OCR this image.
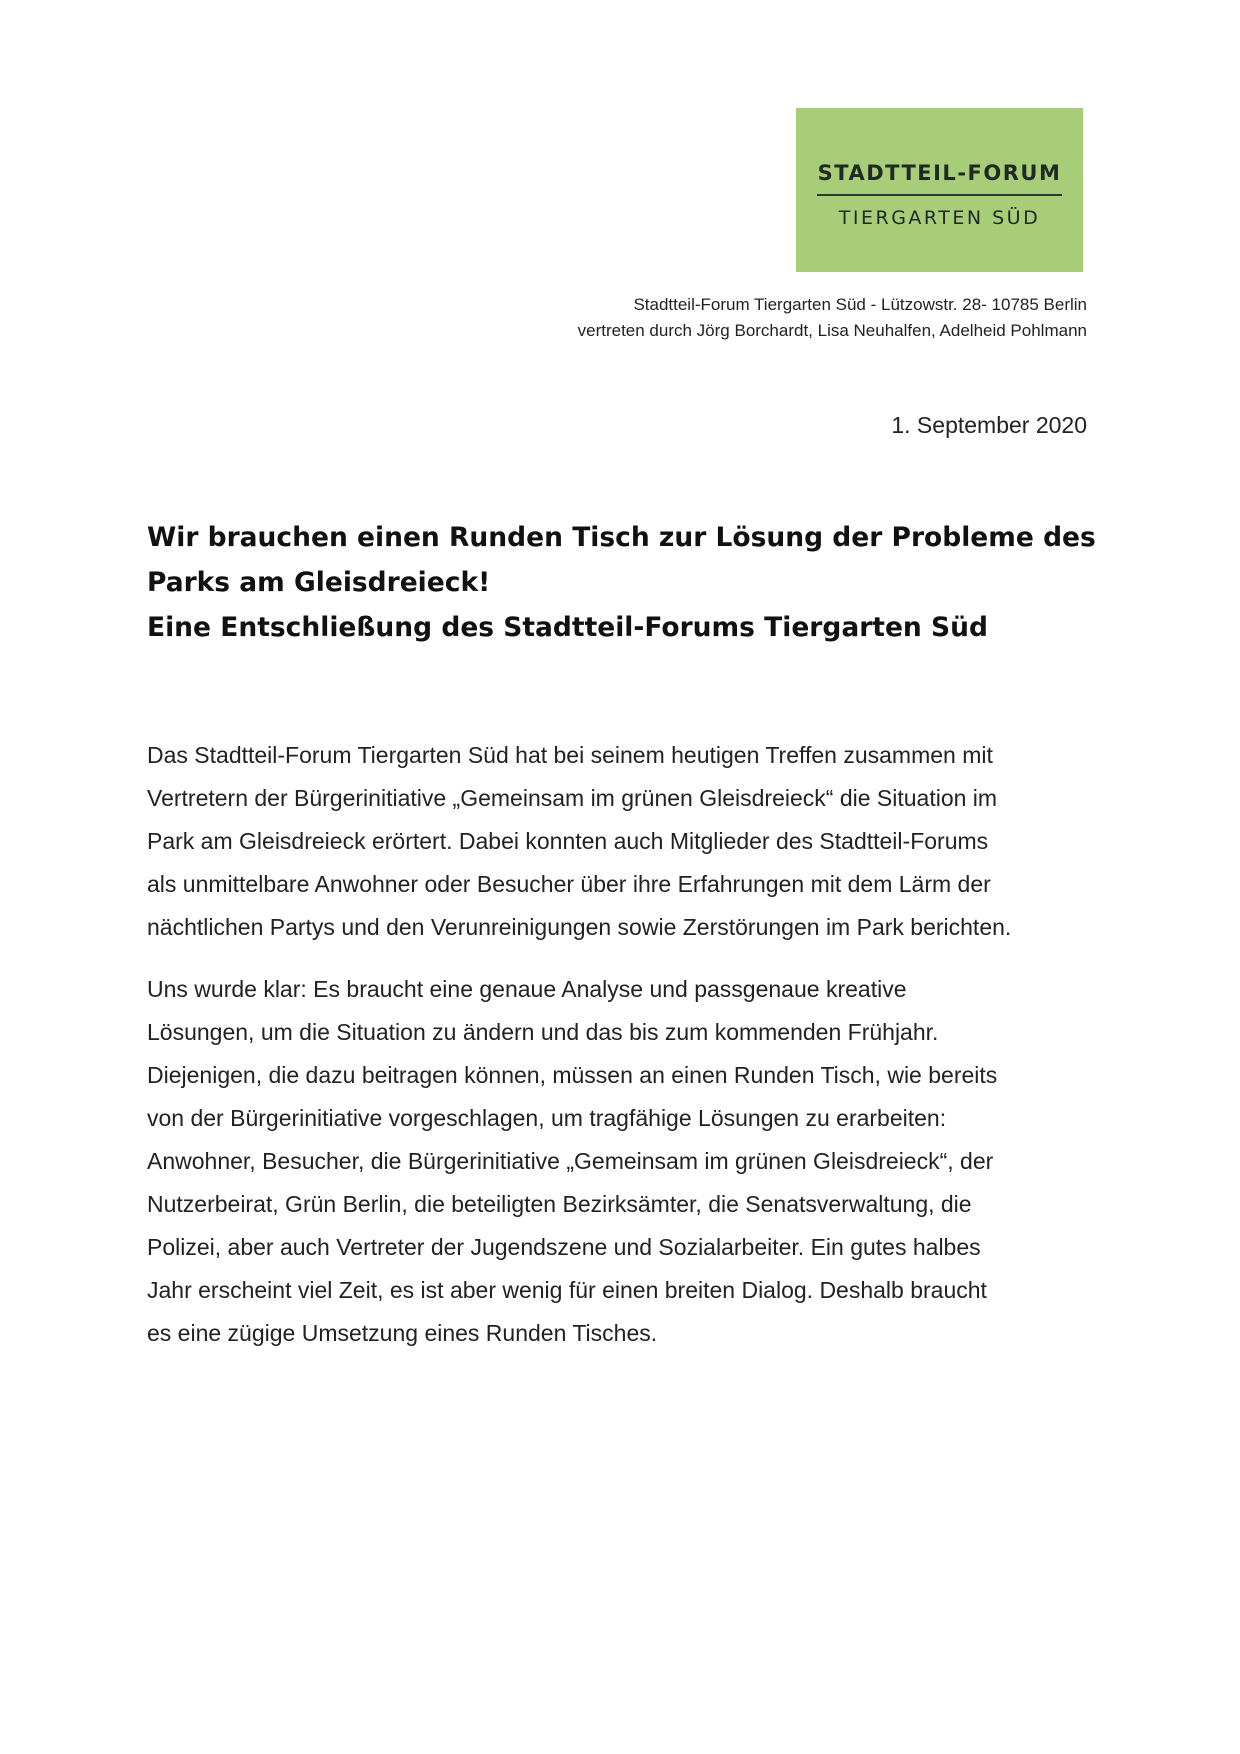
STADTTEIL-FORUM
TIERGARTEN SÜD
Stadtteil-Forum Tiergarten Süd - Lützowstr. 28- 10785 Berlin
vertreten durch Jörg Borchardt, Lisa Neuhalfen, Adelheid Pohlmann
1. September 2020
Wir brauchen einen Runden Tisch zur Lösung der Probleme des
Parks am Gleisdreieck!
Eine Entschließung des Stadtteil-Forums Tiergarten Süd

Das Stadtteil-Forum Tiergarten Süd hat bei seinem heutigen Treffen zusammen mit
Vertretern der Bürgerinitiative „Gemeinsam im grünen Gleisdreieck“ die Situation im
Park am Gleisdreieck erörtert. Dabei konnten auch Mitglieder des Stadtteil-Forums
als unmittelbare Anwohner oder Besucher über ihre Erfahrungen mit dem Lärm der
nächtlichen Partys und den Verunreinigungen sowie Zerstörungen im Park berichten.

Uns wurde klar: Es braucht eine genaue Analyse und passgenaue kreative
Lösungen, um die Situation zu ändern und das bis zum kommenden Frühjahr.
Diejenigen, die dazu beitragen können, müssen an einen Runden Tisch, wie bereits
von der Bürgerinitiative vorgeschlagen, um tragfähige Lösungen zu erarbeiten:
Anwohner, Besucher, die Bürgerinitiative „Gemeinsam im grünen Gleisdreieck“, der
Nutzerbeirat, Grün Berlin, die beteiligten Bezirksämter, die Senatsverwaltung, die
Polizei, aber auch Vertreter der Jugendszene und Sozialarbeiter. Ein gutes halbes
Jahr erscheint viel Zeit, es ist aber wenig für einen breiten Dialog. Deshalb braucht
es eine zügige Umsetzung eines Runden Tisches.
